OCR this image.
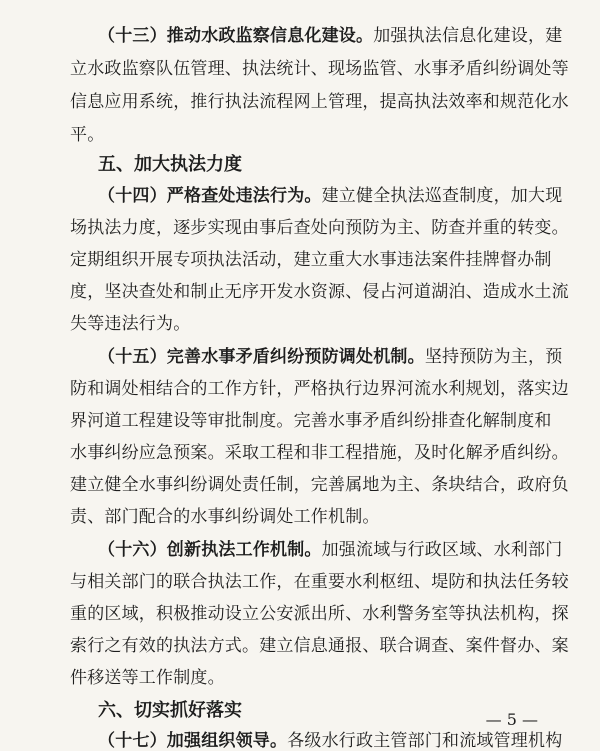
（十三）推动水政监察信息化建设。加强执法信息化建设，建
立水政监察队伍管理、执法统计、现场监管、水事矛盾纠纷调处等
信息应用系统，推行执法流程网上管理，提高执法效率和规范化水
平。
五、加大执法力度
（十四）严格查处违法行为。建立健全执法巡查制度，加大现
场执法力度，逐步实现由事后查处向预防为主、防查并重的转变。
定期组织开展专项执法活动，建立重大水事违法案件挂牌督办制
度，坚决查处和制止无序开发水资源、侵占河道湖泊、造成水土流
失等违法行为。
（十五）完善水事矛盾纠纷预防调处机制。坚持预防为主，预
防和调处相结合的工作方针，严格执行边界河流水利规划，落实边
界河道工程建设等审批制度。完善水事矛盾纠纷排查化解制度和
水事纠纷应急预案。采取工程和非工程措施，及时化解矛盾纠纷。
建立健全水事纠纷调处责任制，完善属地为主、条块结合，政府负
责、部门配合的水事纠纷调处工作机制。
（十六）创新执法工作机制。加强流域与行政区域、水利部门
与相关部门的联合执法工作，在重要水利枢纽、堤防和执法任务较
重的区域，积极推动设立公安派出所、水利警务室等执法机构，探
索行之有效的执法方式。建立信息通报、联合调查、案件督办、案
件移送等工作制度。
六、切实抓好落实
（十七）加强组织领导。各级水行政主管部门和流域管理机构
— 5 —
